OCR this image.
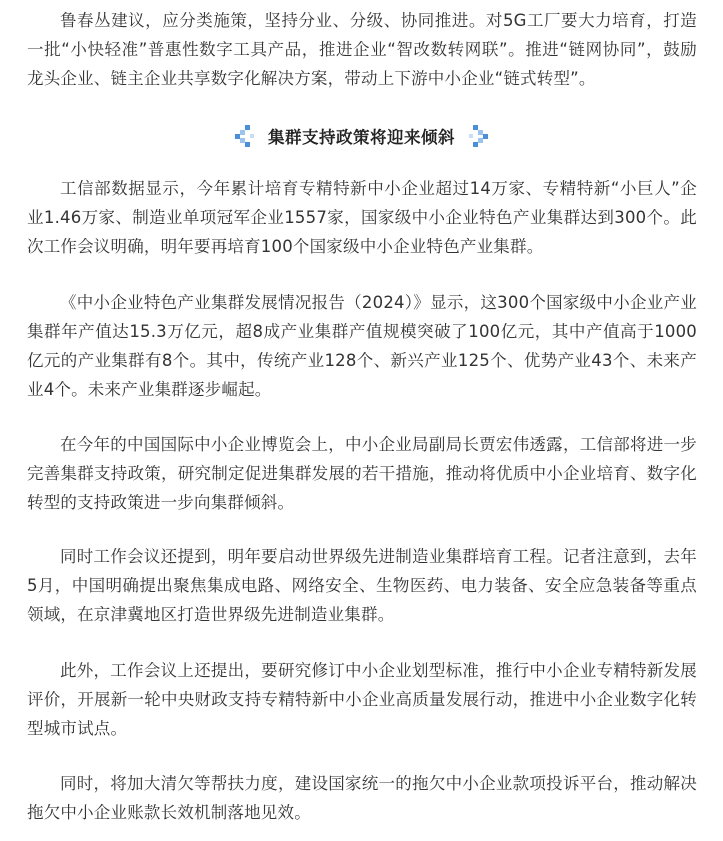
鲁春丛建议，应分类施策，坚持分业、分级、协同推进。对5G工厂要大力培育，打造一批“小快轻准”普惠性数字工具产品，推进企业“智改数转网联”。推进“链网协同”，鼓励龙头企业、链主企业共享数字化解决方案，带动上下游中小企业“链式转型”。

集群支持政策将迎来倾斜

工信部数据显示，今年累计培育专精特新中小企业超过14万家、专精特新“小巨人”企业1.46万家、制造业单项冠军企业1557家，国家级中小企业特色产业集群达到300个。此次工作会议明确，明年要再培育100个国家级中小企业特色产业集群。

《中小企业特色产业集群发展情况报告（2024）》显示，这300个国家级中小企业产业集群年产值达15.3万亿元，超8成产业集群产值规模突破了100亿元，其中产值高于1000亿元的产业集群有8个。其中，传统产业128个、新兴产业125个、优势产业43个、未来产业4个。未来产业集群逐步崛起。

在今年的中国国际中小企业博览会上，中小企业局副局长贾宏伟透露，工信部将进一步完善集群支持政策，研究制定促进集群发展的若干措施，推动将优质中小企业培育、数字化转型的支持政策进一步向集群倾斜。

同时工作会议还提到，明年要启动世界级先进制造业集群培育工程。记者注意到，去年5月，中国明确提出聚焦集成电路、网络安全、生物医药、电力装备、安全应急装备等重点领域，在京津冀地区打造世界级先进制造业集群。

此外，工作会议上还提出，要研究修订中小企业划型标准，推行中小企业专精特新发展评价，开展新一轮中央财政支持专精特新中小企业高质量发展行动，推进中小企业数字化转型城市试点。

同时，将加大清欠等帮扶力度，建设国家统一的拖欠中小企业款项投诉平台，推动解决拖欠中小企业账款长效机制落地见效。
